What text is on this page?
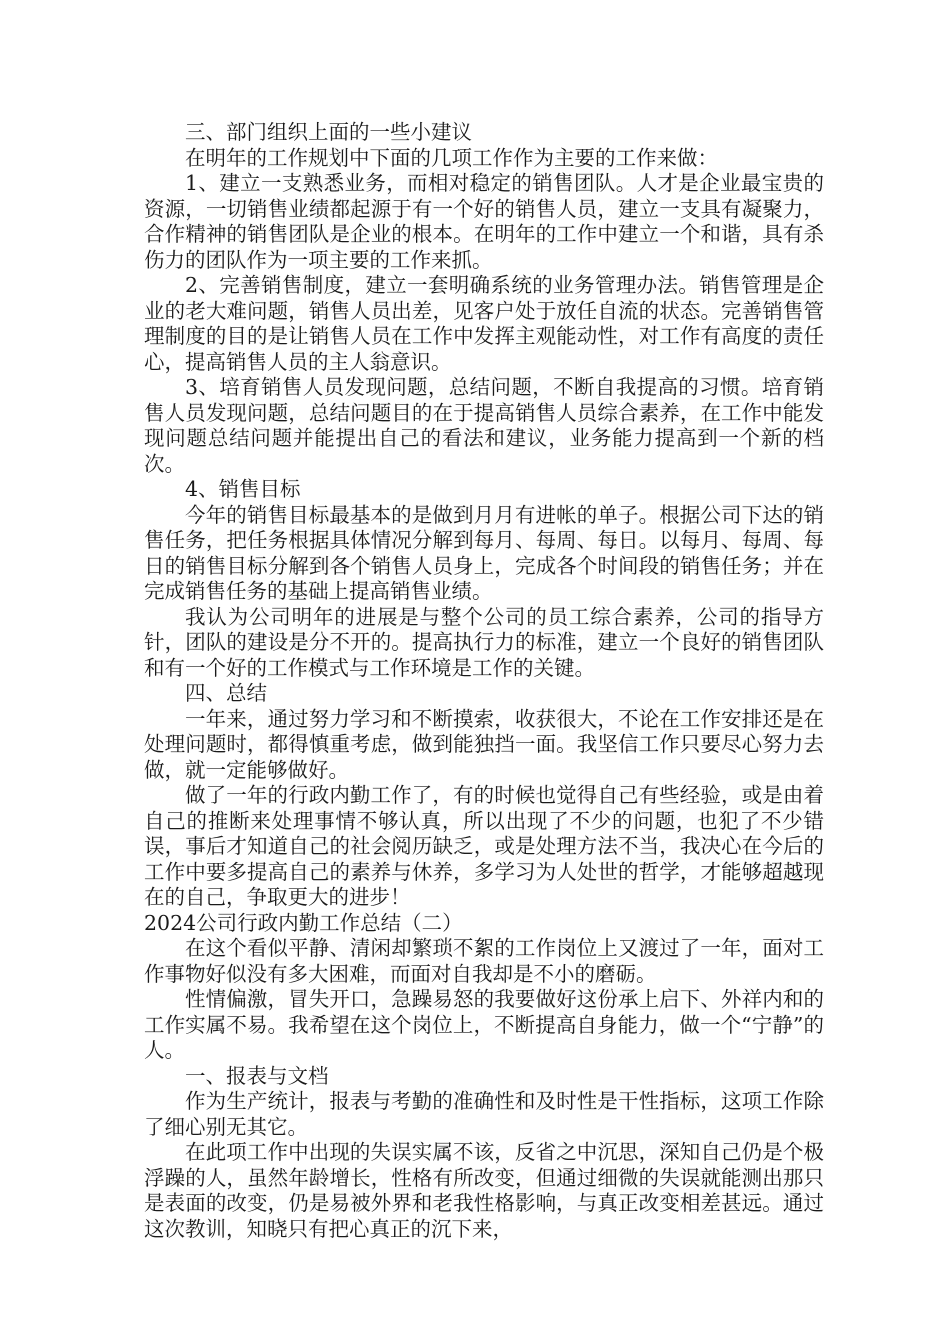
三、部门组织上面的一些小建议

在明年的工作规划中下面的几项工作作为主要的工作来做：

1、建立一支熟悉业务，而相对稳定的销售团队。人才是企业最宝贵的资源，一切销售业绩都起源于有一个好的销售人员，建立一支具有凝聚力，合作精神的销售团队是企业的根本。在明年的工作中建立一个和谐，具有杀伤力的团队作为一项主要的工作来抓。

2、完善销售制度，建立一套明确系统的业务管理办法。销售管理是企业的老大难问题，销售人员出差，见客户处于放任自流的状态。完善销售管理制度的目的是让销售人员在工作中发挥主观能动性，对工作有高度的责任心，提高销售人员的主人翁意识。

3、培育销售人员发现问题，总结问题，不断自我提高的习惯。培育销售人员发现问题，总结问题目的在于提高销售人员综合素养，在工作中能发现问题总结问题并能提出自己的看法和建议，业务能力提高到一个新的档次。

4、销售目标

今年的销售目标最基本的是做到月月有进帐的单子。根据公司下达的销售任务，把任务根据具体情况分解到每月、每周、每日。以每月、每周、每日的销售目标分解到各个销售人员身上，完成各个时间段的销售任务；并在完成销售任务的基础上提高销售业绩。

我认为公司明年的进展是与整个公司的员工综合素养，公司的指导方针，团队的建设是分不开的。提高执行力的标准，建立一个良好的销售团队和有一个好的工作模式与工作环境是工作的关键。

四、总结

一年来，通过努力学习和不断摸索，收获很大，不论在工作安排还是在处理问题时，都得慎重考虑，做到能独挡一面。我坚信工作只要尽心努力去做，就一定能够做好。

做了一年的行政内勤工作了，有的时候也觉得自己有些经验，或是由着自己的推断来处理事情不够认真，所以出现了不少的问题，也犯了不少错误，事后才知道自己的社会阅历缺乏，或是处理方法不当，我决心在今后的工作中要多提高自己的素养与休养，多学习为人处世的哲学，才能够超越现在的自己，争取更大的进步！

2024公司行政内勤工作总结（二）

在这个看似平静、清闲却繁琐不絮的工作岗位上又渡过了一年，面对工作事物好似没有多大困难，而面对自我却是不小的磨砺。

性情偏激，冒失开口，急躁易怒的我要做好这份承上启下、外祥内和的工作实属不易。我希望在这个岗位上，不断提高自身能力，做一个“宁静”的人。

一、报表与文档

作为生产统计，报表与考勤的准确性和及时性是干性指标，这项工作除了细心别无其它。

在此项工作中出现的失误实属不该，反省之中沉思，深知自己仍是个极浮躁的人，虽然年龄增长，性格有所改变，但通过细微的失误就能测出那只是表面的改变，仍是易被外界和老我性格影响，与真正改变相差甚远。通过这次教训，知晓只有把心真正的沉下来，
